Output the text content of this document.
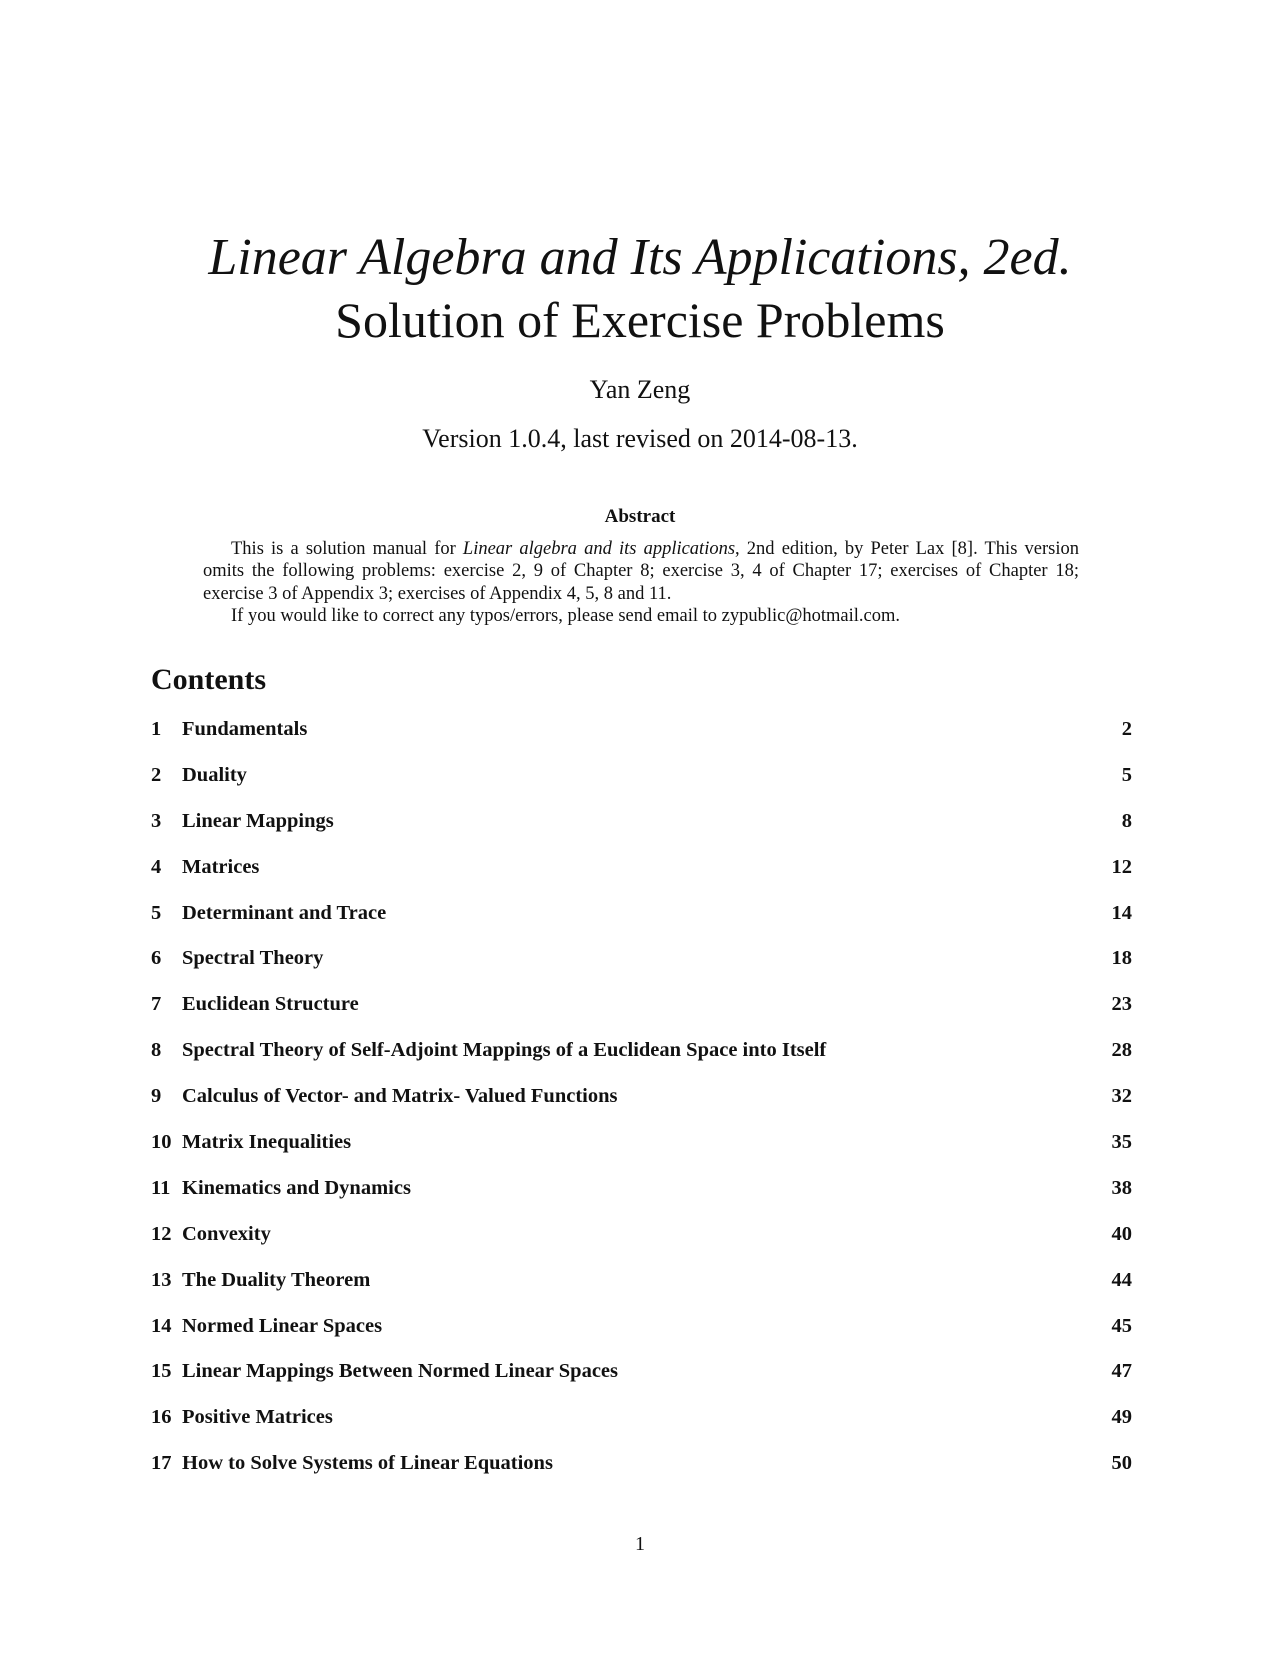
Linear Algebra and Its Applications, 2ed.
Solution of Exercise Problems
Yan Zeng
Version 1.0.4, last revised on 2014-08-13.
Abstract

This is a solution manual for Linear algebra and its applications, 2nd edition, by Peter Lax [8]. This version omits the following problems: exercise 2, 9 of Chapter 8; exercise 3, 4 of Chapter 17; exercises of Chapter 18; exercise 3 of Appendix 3; exercises of Appendix 4, 5, 8 and 11.

If you would like to correct any typos/errors, please send email to zypublic@hotmail.com.

Contents
1 Fundamentals	2
2 Duality	5
3 Linear Mappings	8
4 Matrices	12
5 Determinant and Trace	14
6 Spectral Theory	18
7 Euclidean Structure	23
8 Spectral Theory of Self-Adjoint Mappings of a Euclidean Space into Itself	28
9 Calculus of Vector- and Matrix- Valued Functions	32
10 Matrix Inequalities	35
11 Kinematics and Dynamics	38
12 Convexity	40
13 The Duality Theorem	44
14 Normed Linear Spaces	45
15 Linear Mappings Between Normed Linear Spaces	47
16 Positive Matrices	49
17 How to Solve Systems of Linear Equations	50
1
